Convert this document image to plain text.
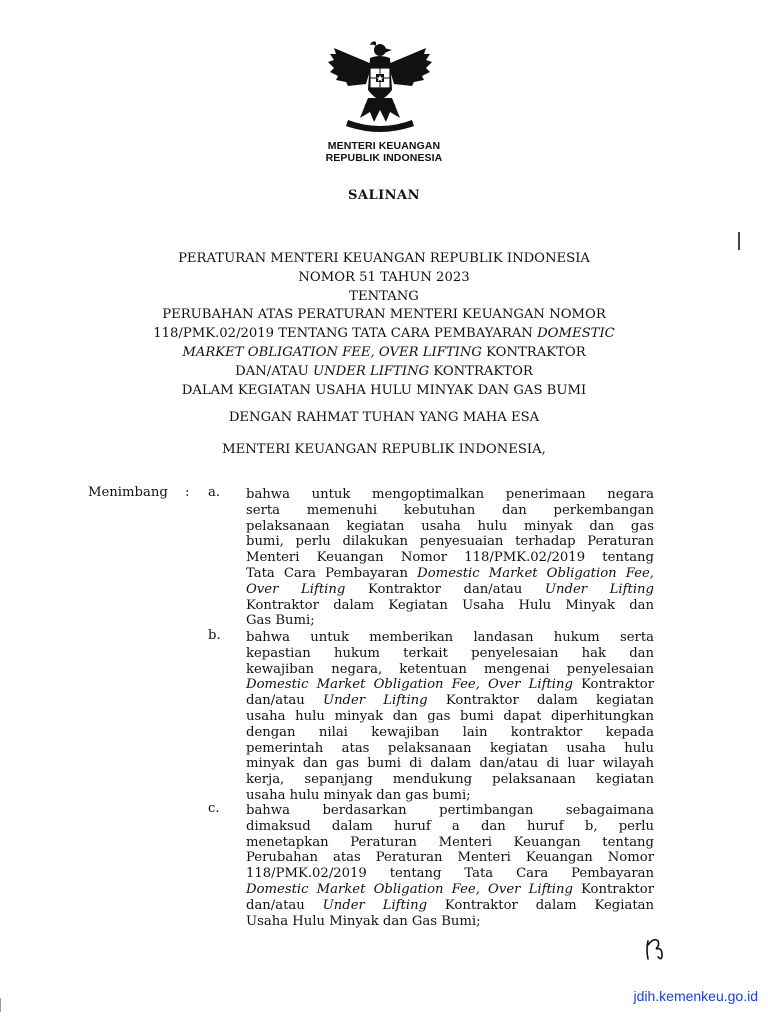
MENTERI KEUANGAN
REPUBLIK INDONESIA
SALINAN
PERATURAN MENTERI KEUANGAN REPUBLIK INDONESIA
NOMOR 51 TAHUN 2023
TENTANG
PERUBAHAN ATAS PERATURAN MENTERI KEUANGAN NOMOR
118/PMK.02/2019 TENTANG TATA CARA PEMBAYARAN DOMESTIC
MARKET OBLIGATION FEE, OVER LIFTING KONTRAKTOR
DAN/ATAU UNDER LIFTING KONTRAKTOR
DALAM KEGIATAN USAHA HULU MINYAK DAN GAS BUMI
DENGAN RAHMAT TUHAN YANG MAHA ESA
MENTERI KEUANGAN REPUBLIK INDONESIA,
Menimbang : a. bahwa untuk mengoptimalkan penerimaan negara
serta memenuhi kebutuhan dan perkembangan
pelaksanaan kegiatan usaha hulu minyak dan gas
bumi, perlu dilakukan penyesuaian terhadap Peraturan
Menteri Keuangan Nomor 118/PMK.02/2019 tentang
Tata Cara Pembayaran Domestic Market Obligation Fee,
Over Lifting Kontraktor dan/atau Under Lifting
Kontraktor dalam Kegiatan Usaha Hulu Minyak dan
Gas Bumi;
b. bahwa untuk memberikan landasan hukum serta
kepastian hukum terkait penyelesaian hak dan
kewajiban negara, ketentuan mengenai penyelesaian
Domestic Market Obligation Fee, Over Lifting Kontraktor
dan/atau Under Lifting Kontraktor dalam kegiatan
usaha hulu minyak dan gas bumi dapat diperhitungkan
dengan nilai kewajiban lain kontraktor kepada
pemerintah atas pelaksanaan kegiatan usaha hulu
minyak dan gas bumi di dalam dan/atau di luar wilayah
kerja, sepanjang mendukung pelaksanaan kegiatan
usaha hulu minyak dan gas bumi;
c. bahwa berdasarkan pertimbangan sebagaimana
dimaksud dalam huruf a dan huruf b, perlu
menetapkan Peraturan Menteri Keuangan tentang
Perubahan atas Peraturan Menteri Keuangan Nomor
118/PMK.02/2019 tentang Tata Cara Pembayaran
Domestic Market Obligation Fee, Over Lifting Kontraktor
dan/atau Under Lifting Kontraktor dalam Kegiatan
Usaha Hulu Minyak dan Gas Bumi;
jdih.kemenkeu.go.id
